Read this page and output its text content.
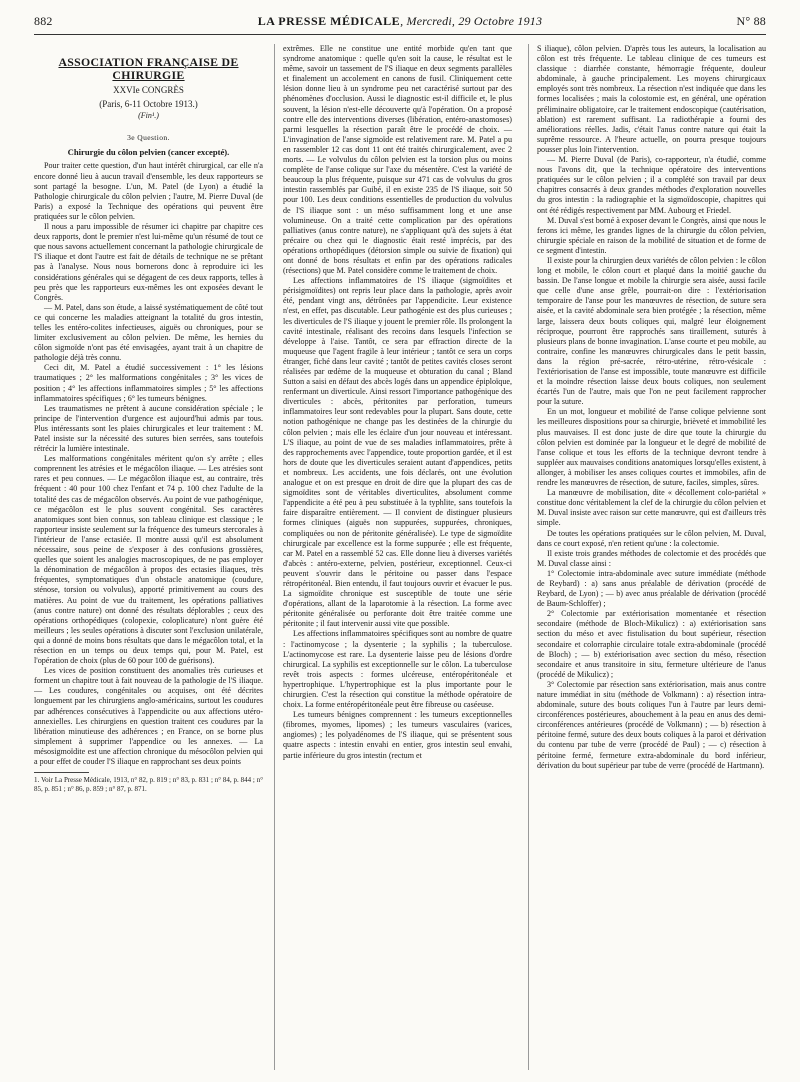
882	LA PRESSE MÉDICALE, Mercredi, 29 Octobre 1913	N° 88
ASSOCIATION FRANÇAISE DE CHIRURGIE
XXVIe CONGRÈS
(Paris, 6-11 Octobre 1913.)
(Fin¹.)
3e Question.
Chirurgie du côlon pelvien (cancer excepté).

Pour traiter cette question, d'un haut intérêt chirurgical, car elle n'a encore donné lieu à aucun travail d'ensemble, les deux rapporteurs se sont partagé la besogne. L'un, M. Patel (de Lyon) a étudié la Pathologie chirurgicale du côlon pelvien ; l'autre, M. Pierre Duval (de Paris) a exposé la Technique des opérations qui peuvent être pratiquées sur le côlon pelvien.

Il nous a paru impossible de résumer ici chapitre par chapitre ces deux rapports, dont le premier n'est lui-même qu'un résumé de tout ce que nous savons actuellement concernant la pathologie chirurgicale de l'S iliaque et dont l'autre est fait de détails de technique ne se prêtant pas à l'analyse. Nous nous bornerons donc à reproduire ici les considérations générales qui se dégagent de ces deux rapports, telles à peu près que les rapporteurs eux-mêmes les ont exposées devant le Congrès.

— M. Patel, dans son étude, a laissé systématiquement de côté tout ce qui concerne les maladies atteignant la totalité du gros intestin, telles les entéro-colites infectieuses, aiguës ou chroniques, pour se limiter exclusivement au côlon pelvien. De même, les hernies du côlon sigmoïde n'ont pas été envisagées, ayant trait à un chapitre de pathologie déjà très connu.

Ceci dit, M. Patel a étudié successivement : 1° les lésions traumatiques ; 2° les malformations congénitales ; 3° les vices de position ; 4° les affections inflammatoires simples ; 5° les affections inflammatoires spécifiques ; 6° les tumeurs bénignes.

Les traumatismes ne prêtent à aucune considération spéciale ; le principe de l'intervention d'urgence est aujourd'hui admis par tous. Plus intéressants sont les plaies chirurgicales et leur traitement : M. Patel insiste sur la nécessité des sutures bien serrées, sans toutefois rétrécir la lumière intestinale.

Les malformations congénitales méritent qu'on s'y arrête ; elles comprennent les atrésies et le mégacôlon iliaque. — Les atrésies sont rares et peu connues. — Le mégacôlon iliaque est, au contraire, très fréquent : 40 pour 100 chez l'enfant et 74 p. 100 chez l'adulte de la totalité des cas de mégacôlon observés. Au point de vue pathogénique, ce mégacôlon est le plus souvent congénital. Ses caractères anatomiques sont bien connus, son tableau clinique est classique ; le rapporteur insiste seulement sur la fréquence des tumeurs stercorales à l'intérieur de l'anse ectasiée. Il montre aussi qu'il est absolument nécessaire, sous peine de s'exposer à des confusions grossières, quelles que soient les analogies macroscopiques, de ne pas employer la dénomination de mégacôlon à propos des ectasies iliaques, très fréquentes, symptomatiques d'un obstacle anatomique (coudure, sténose, torsion ou volvulus), apporté primitivement au cours des matières. Au point de vue du traitement, les opérations palliatives (anus contre nature) ont donné des résultats déplorables ; ceux des opérations orthopédiques (colopexie, coloplicature) n'ont guère été meilleurs ; les seules opérations à discuter sont l'exclusion unilatérale, qui a donné de moins bons résultats que dans le mégacôlon total, et la résection en un temps ou deux temps qui, pour M. Patel, est l'opération de choix (plus de 60 pour 100 de guérisons).

Les vices de position constituent des anomalies très curieuses et forment un chapitre tout à fait nouveau de la pathologie de l'S iliaque. — Les coudures, congénitales ou acquises, ont été décrites longuement par les chirurgiens anglo-américains, surtout les coudures par adhérences consécutives à l'appendicite ou aux affections utéro-annexielles. Les chirurgiens en question traitent ces coudures par la libération minutieuse des adhérences ; en France, on se borne plus simplement à supprimer l'appendice ou les annexes. — La mésosigmoïdite est une affection chronique du mésocôlon pelvien qui a pour effet de couder l'S iliaque en rapprochant ses deux points

1. Voir La Presse Médicale, 1913, n° 82, p. 819 ; n° 83, p. 831 ; n° 84, p. 844 ; n° 85, p. 851 ; n° 86, p. 859 ; n° 87, p. 871.

extrêmes. Elle ne constitue une entité morbide qu'en tant que syndrome anatomique : quelle qu'en soit la cause, le résultat est le même, savoir un tassement de l'S iliaque en deux segments parallèles et finalement un accolement en canons de fusil. Cliniquement cette lésion donne lieu à un syndrome peu net caractérisé surtout par des phénomènes d'occlusion. Aussi le diagnostic est-il difficile et, le plus souvent, la lésion n'est-elle découverte qu'à l'opération. On a proposé contre elle des interventions diverses (libération, entéro-anastomoses) parmi lesquelles la résection paraît être le procédé de choix. — L'invagination de l'anse sigmoïde est relativement rare. M. Patel a pu en rassembler 12 cas dont 11 ont été traités chirurgicalement, avec 2 morts. — Le volvulus du côlon pelvien est la torsion plus ou moins complète de l'anse colique sur l'axe du mésentère. C'est la variété de beaucoup la plus fréquente, puisque sur 471 cas de volvulus du gros intestin rassemblés par Guibé, il en existe 235 de l'S iliaque, soit 50 pour 100. Les deux conditions essentielles de production du volvulus de l'S iliaque sont : un méso suffisamment long et une anse volumineuse. On a traité cette complication par des opérations palliatives (anus contre nature), ne s'appliquant qu'à des sujets à état précaire ou chez qui le diagnostic était resté imprécis, par des opérations orthopédiques (détorsion simple ou suivie de fixation) qui ont donné de bons résultats et enfin par des opérations radicales (résections) que M. Patel considère comme le traitement de choix.

Les affections inflammatoires de l'S iliaque (sigmoïdites et périsigmoïdites) ont repris leur place dans la pathologie, après avoir été, pendant vingt ans, détrônées par l'appendicite. Leur existence n'est, en effet, pas discutable. Leur pathogénie est des plus curieuses ; les diverticules de l'S iliaque y jouent le premier rôle. Ils prolongent la cavité intestinale, réalisant des recoins dans lesquels l'infection se développe à l'aise. Tantôt, ce sera par effraction directe de la muqueuse que l'agent fragile à leur intérieur ; tantôt ce sera un corps étranger, fiché dans leur cavité ; tantôt de petites cavités closes seront réalisées par œdème de la muqueuse et obturation du canal ; Bland Sutton a saisi en défaut des abcès logés dans un appendice épiploïque, renfermant un diverticule. Ainsi ressort l'importance pathogénique des diverticules : abcès, péritonites par perforation, tumeurs inflammatoires leur sont redevables pour la plupart. Sans doute, cette notion pathogénique ne change pas les destinées de la chirurgie du côlon pelvien ; mais elle les éclaire d'un jour nouveau et intéressant. L'S iliaque, au point de vue de ses maladies inflammatoires, prête à des rapprochements avec l'appendice, toute proportion gardée, et il est hors de doute que les diverticules seraient autant d'appendices, petits et nombreux. Les accidents, une fois déclarés, ont une évolution analogue et on est presque en droit de dire que la plupart des cas de sigmoïdites sont de véritables diverticulites, absolument comme l'appendicite a été peu à peu substituée à la typhlite, sans toutefois la faire disparaître entièrement. — Il convient de distinguer plusieurs formes cliniques (aiguës non suppurées, suppurées, chroniques, compliquées ou non de péritonite généralisée). Le type de sigmoïdite chirurgicale par excellence est la forme suppurée ; elle est fréquente, car M. Patel en a rassemblé 52 cas. Elle donne lieu à diverses variétés d'abcès : antéro-externe, pelvien, postérieur, exceptionnel. Ceux-ci peuvent s'ouvrir dans le péritoine ou passer dans l'espace rétropéritonéal. Bien entendu, il faut toujours ouvrir et évacuer le pus. La sigmoïdite chronique est susceptible de toute une série d'opérations, allant de la laparotomie à la résection. La forme avec péritonite généralisée ou perforante doit être traitée comme une péritonite ; il faut intervenir aussi vite que possible.

Les affections inflammatoires spécifiques sont au nombre de quatre : l'actinomycose ; la dysenterie ; la syphilis ; la tuberculose. L'actinomycose est rare. La dysenterie laisse peu de lésions d'ordre chirurgical. La syphilis est exceptionnelle sur le côlon. La tuberculose revêt trois aspects : formes ulcéreuse, entéropéritonéale et hypertrophique. L'hypertrophique est la plus importante pour le chirurgien. C'est la résection qui constitue la méthode opératoire de choix. La forme entéropéritonéale peut être fibreuse ou caséeuse.

Les tumeurs bénignes comprennent : les tumeurs exceptionnelles (fibromes, myomes, lipomes) ; les tumeurs vasculaires (varices, angiomes) ; les polyadénomes de l'S iliaque, qui se présentent sous quatre aspects : intestin envahi en entier, gros intestin seul envahi, partie inférieure du gros intestin (rectum et

S iliaque), côlon pelvien. D'après tous les auteurs, la localisation au côlon est très fréquente. Le tableau clinique de ces tumeurs est classique : diarrhée constante, hémorragie fréquente, douleur abdominale, à gauche principalement. Les moyens chirurgicaux employés sont très nombreux. La résection n'est indiquée que dans les formes localisées ; mais la colostomie est, en général, une opération préliminaire obligatoire, car le traitement endoscopique (cautérisation, ablation) est rarement suffisant. La radiothérapie a fourni des améliorations réelles. Jadis, c'était l'anus contre nature qui était la suprême ressource. A l'heure actuelle, on pourra presque toujours pousser plus loin l'intervention.

— M. Pierre Duval (de Paris), co-rapporteur, n'a étudié, comme nous l'avons dit, que la technique opératoire des interventions pratiquées sur le côlon pelvien ; il a complété son travail par deux chapitres consacrés à deux grandes méthodes d'exploration nouvelles du gros intestin : la radiographie et la sigmoïdoscopie, chapitres qui ont été rédigés respectivement par MM. Aubourg et Friedel.

M. Duval s'est borné à exposer devant le Congrès, ainsi que nous le ferons ici même, les grandes lignes de la chirurgie du côlon pelvien, chirurgie spéciale en raison de la mobilité de situation et de forme de ce segment d'intestin.

Il existe pour la chirurgien deux variétés de côlon pelvien : le côlon long et mobile, le côlon court et plaqué dans la moitié gauche du bassin. De l'anse longue et mobile la chirurgie sera aisée, aussi facile que celle d'une anse grêle, pourrait-on dire : l'extériorisation temporaire de l'anse pour les manœuvres de résection, de suture sera aisée, et la cavité abdominale sera bien protégée ; la résection, même large, laissera deux bouts coliques qui, malgré leur éloignement réciproque, pourront être rapprochés sans tiraillement, suturés à plusieurs plans de bonne invagination. L'anse courte et peu mobile, au contraire, confine les manœuvres chirurgicales dans le petit bassin, dans la région pré-sacrée, rétro-utérine, rétro-vésicale : l'extériorisation de l'anse est impossible, toute manœuvre est difficile et la moindre résection laisse deux bouts coliques, non seulement écartés l'un de l'autre, mais que l'on ne peut facilement rapprocher pour la suture.

En un mot, longueur et mobilité de l'anse colique pelvienne sont les meilleures dispositions pour sa chirurgie, brièveté et immobilité les plus mauvaises. Il est donc juste de dire que toute la chirurgie du côlon pelvien est dominée par la longueur et le degré de mobilité de l'anse colique et tous les efforts de la technique devront tendre à suppléer aux mauvaises conditions anatomiques lorsqu'elles existent, à allonger, à mobiliser les anses coliques courtes et immobiles, afin de rendre les manœuvres de résection, de suture, faciles, simples, sûres.

La manœuvre de mobilisation, dite « décollement colo-pariétal » constitue donc véritablement la clef de la chirurgie du côlon pelvien et M. Duval insiste avec raison sur cette manœuvre, qui est d'ailleurs très simple.

De toutes les opérations pratiquées sur le côlon pelvien, M. Duval, dans ce court exposé, n'en retient qu'une : la colectomie.

Il existe trois grandes méthodes de colectomie et des procédés que M. Duval classe ainsi :

1° Colectomie intra-abdominale avec suture immédiate (méthode de Reybard) : a) sans anus préalable de dérivation (procédé de Reybard, de Lyon) ; — b) avec anus préalable de dérivation (procédé de Baum-Schloffer) ;

2° Colectomie par extériorisation momentanée et résection secondaire (méthode de Bloch-Mikulicz) : a) extériorisation sans section du méso et avec fistulisation du bout supérieur, résection secondaire et colorraphie circulaire totale extra-abdominale (procédé de Bloch) ; — b) extériorisation avec section du méso, résection secondaire et anus transitoire in situ, fermeture ultérieure de l'anus (procédé de Mikulicz) ;

3° Colectomie par résection sans extériorisation, mais anus contre nature immédiat in situ (méthode de Volkmann) : a) résection intra-abdominale, suture des bouts coliques l'un à l'autre par leurs demi-circonférences postérieures, abouchement à la peau en anus des demi-circonférences antérieures (procédé de Volkmann) ; — b) résection à péritoine fermé, suture des deux bouts coliques à la paroi et dérivation du contenu par tube de verre (procédé de Paul) ; — c) résection à péritoine fermé, fermeture extra-abdominale du bord inférieur, dérivation du bout supérieur par tube de verre (procédé de Hartmann).
